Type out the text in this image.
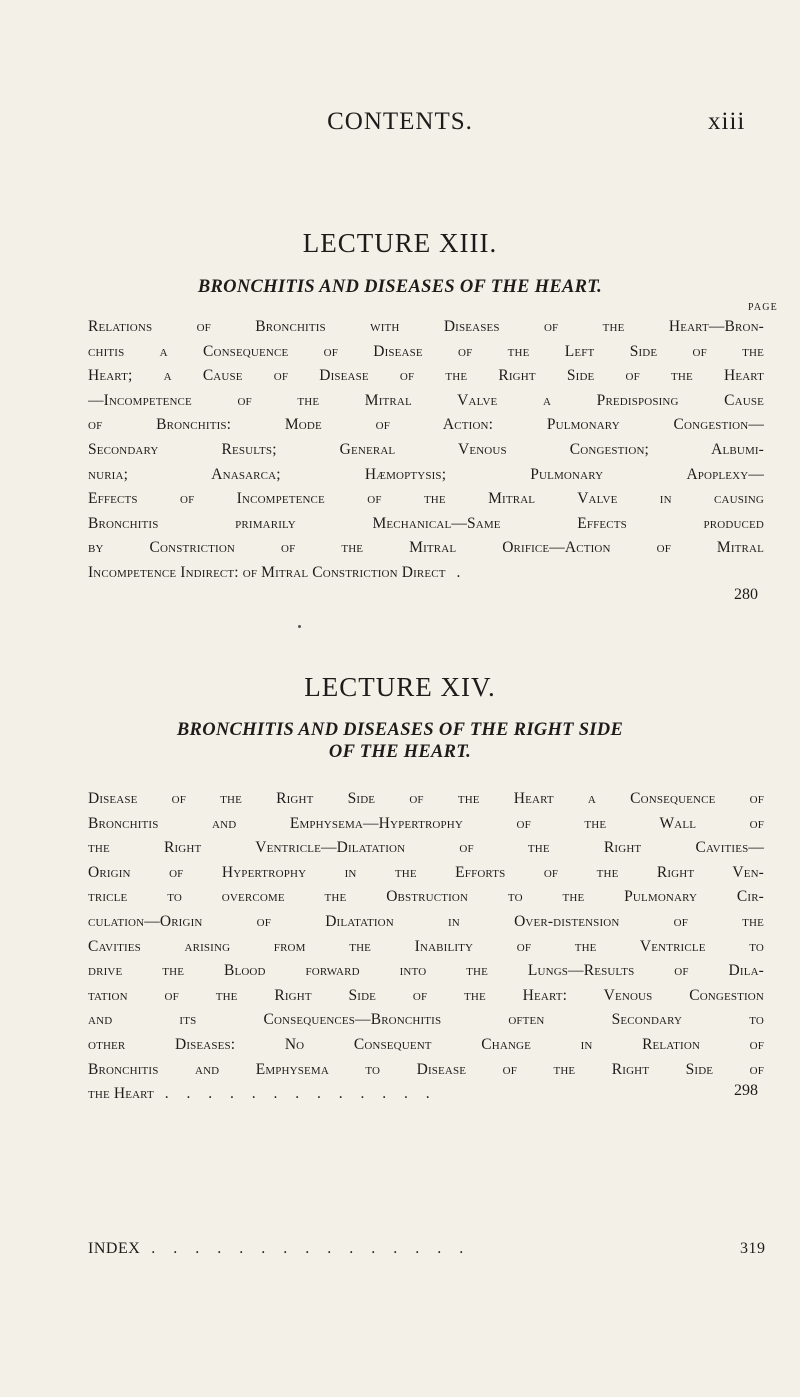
CONTENTS.	xiii
LECTURE XIII.
BRONCHITIS AND DISEASES OF THE HEART.
PAGE
Relations of Bronchitis with Diseases of the Heart—Bron-
chitis a Consequence of Disease of the Left Side of the
Heart; a Cause of Disease of the Right Side of the Heart
—Incompetence of the Mitral Valve a Predisposing Cause
of Bronchitis: Mode of Action: Pulmonary Congestion—
Secondary Results; General Venous Congestion; Albumi-
nuria; Anasarca; Hæmoptysis; Pulmonary Apoplexy—
Effects of Incompetence of the Mitral Valve in causing
Bronchitis primarily Mechanical—Same Effects produced
by Constriction of the Mitral Orifice—Action of Mitral
Incompetence Indirect: of Mitral Constriction Direct .
280
LECTURE XIV.
BRONCHITIS AND DISEASES OF THE RIGHT SIDE
OF THE HEART.
Disease of the Right Side of the Heart a Consequence of
Bronchitis and Emphysema—Hypertrophy of the Wall of
the Right Ventricle—Dilatation of the Right Cavities—
Origin of Hypertrophy in the Efforts of the Right Ven-
tricle to overcome the Obstruction to the Pulmonary Cir-
culation—Origin of Dilatation in Over-distension of the
Cavities arising from the Inability of the Ventricle to
drive the Blood forward into the Lungs—Results of Dila-
tation of the Right Side of the Heart: Venous Congestion
and its Consequences—Bronchitis often Secondary to
other Diseases: No Consequent Change in Relation of
Bronchitis and Emphysema to Disease of the Right Side of
the Heart . . . . . . . . . . . . .	298
INDEX . . . . . . . . . . . . . . .	319
